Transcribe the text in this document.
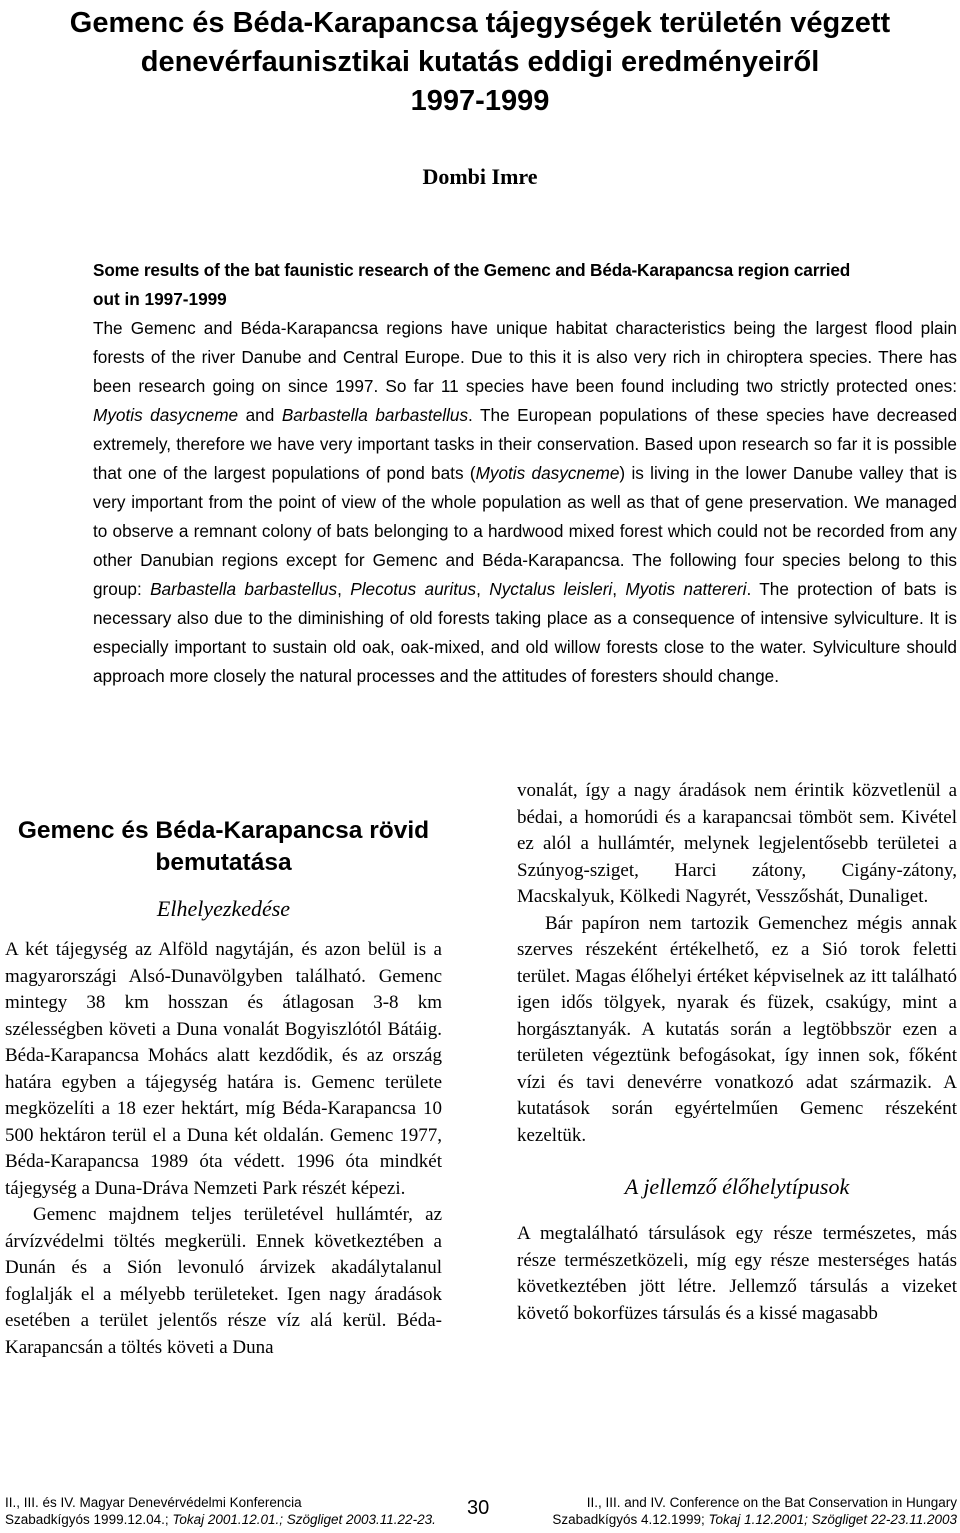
Gemenc és Béda-Karapancsa tájegységek területén végzett
denevérfaunisztikai kutatás eddigi eredményeiről
1997-1999
Dombi Imre
Some results of the bat faunistic research of the Gemenc and Béda-Karapancsa region carried
out in 1997-1999
The Gemenc and Béda-Karapancsa regions have unique habitat characteristics being the largest flood plain forests of the river Danube and Central Europe. Due to this it is also very rich in chiroptera species. There has been research going on since 1997. So far 11 species have been found including two strictly protected ones: Myotis dasycneme and Barbastella barbastellus. The European populations of these species have decreased extremely, therefore we have very important tasks in their conservation. Based upon research so far it is possible that one of the largest populations of pond bats (Myotis dasycneme) is living in the lower Danube valley that is very important from the point of view of the whole population as well as that of gene preservation. We managed to observe a remnant colony of bats belonging to a hardwood mixed forest which could not be recorded from any other Danubian regions except for Gemenc and Béda-Karapancsa. The following four species belong to this group: Barbastella barbastellus, Plecotus auritus, Nyctalus leisleri, Myotis nattereri. The protection of bats is necessary also due to the diminishing of old forests taking place as a consequence of intensive sylviculture. It is especially important to sustain old oak, oak-mixed, and old willow forests close to the water. Sylviculture should approach more closely the natural processes and the attitudes of foresters should change.
Gemenc és Béda-Karapancsa rövid
bemutatása
Elhelyezkedése

A két tájegység az Alföld nagytáján, és azon belül is a magyarországi Alsó-Dunavölgyben található. Gemenc mintegy 38 km hosszan és átlagosan 3-8 km szélességben követi a Duna vonalát Bogyiszlótól Bátáig. Béda-Karapancsa Mohács alatt kezdődik, és az ország határa egyben a tájegység határa is. Gemenc területe megközelíti a 18 ezer hektárt, míg Béda-Karapancsa 10 500 hektáron terül el a Duna két oldalán. Gemenc 1977, Béda-Karapancsa 1989 óta védett. 1996 óta mindkét tájegység a Duna-Dráva Nemzeti Park részét képezi.

Gemenc majdnem teljes területével hullámtér, az árvízvédelmi töltés megkerüli. Ennek következtében a Dunán és a Sión levonuló árvizek akadálytalanul foglalják el a mélyebb területeket. Igen nagy áradások esetében a terület jelentős része víz alá kerül. Béda-Karapancsán a töltés követi a Duna

vonalát, így a nagy áradások nem érintik közvetlenül a bédai, a homorúdi és a karapancsai tömböt sem. Kivétel ez alól a hullámtér, melynek legjelentősebb területei a Szúnyog-sziget, Harci zátony, Cigány-zátony, Macskalyuk, Kölkedi Nagyrét, Vesszőshát, Dunaliget.

Bár papíron nem tartozik Gemenchez mégis annak szerves részeként értékelhető, ez a Sió torok feletti terület. Magas élőhelyi értéket képviselnek az itt található igen idős tölgyek, nyarak és füzek, csakúgy, mint a horgásztanyák. A kutatás során a legtöbbször ezen a területen végeztünk befogásokat, így innen sok, főként vízi és tavi denevérre vonatkozó adat származik. A kutatások során egyértelműen Gemenc részeként kezeltük.

A jellemző élőhelytípusok

A megtalálható társulások egy része természetes, más része természetközeli, míg egy része mesterséges hatás következtében jött létre. Jellemző társulás a vizeket követő bokorfüzes társulás és a kissé magasabb

II., III. és IV. Magyar Denevérvédelmi Konferencia
Szabadkígyós 1999.12.04.; Tokaj 2001.12.01.; Szögliget 2003.11.22-23.
30	II., III. and IV. Conference on the Bat Conservation in Hungary
Szabadkígyós 4.12.1999; Tokaj 1.12.2001; Szögliget 22-23.11.2003
